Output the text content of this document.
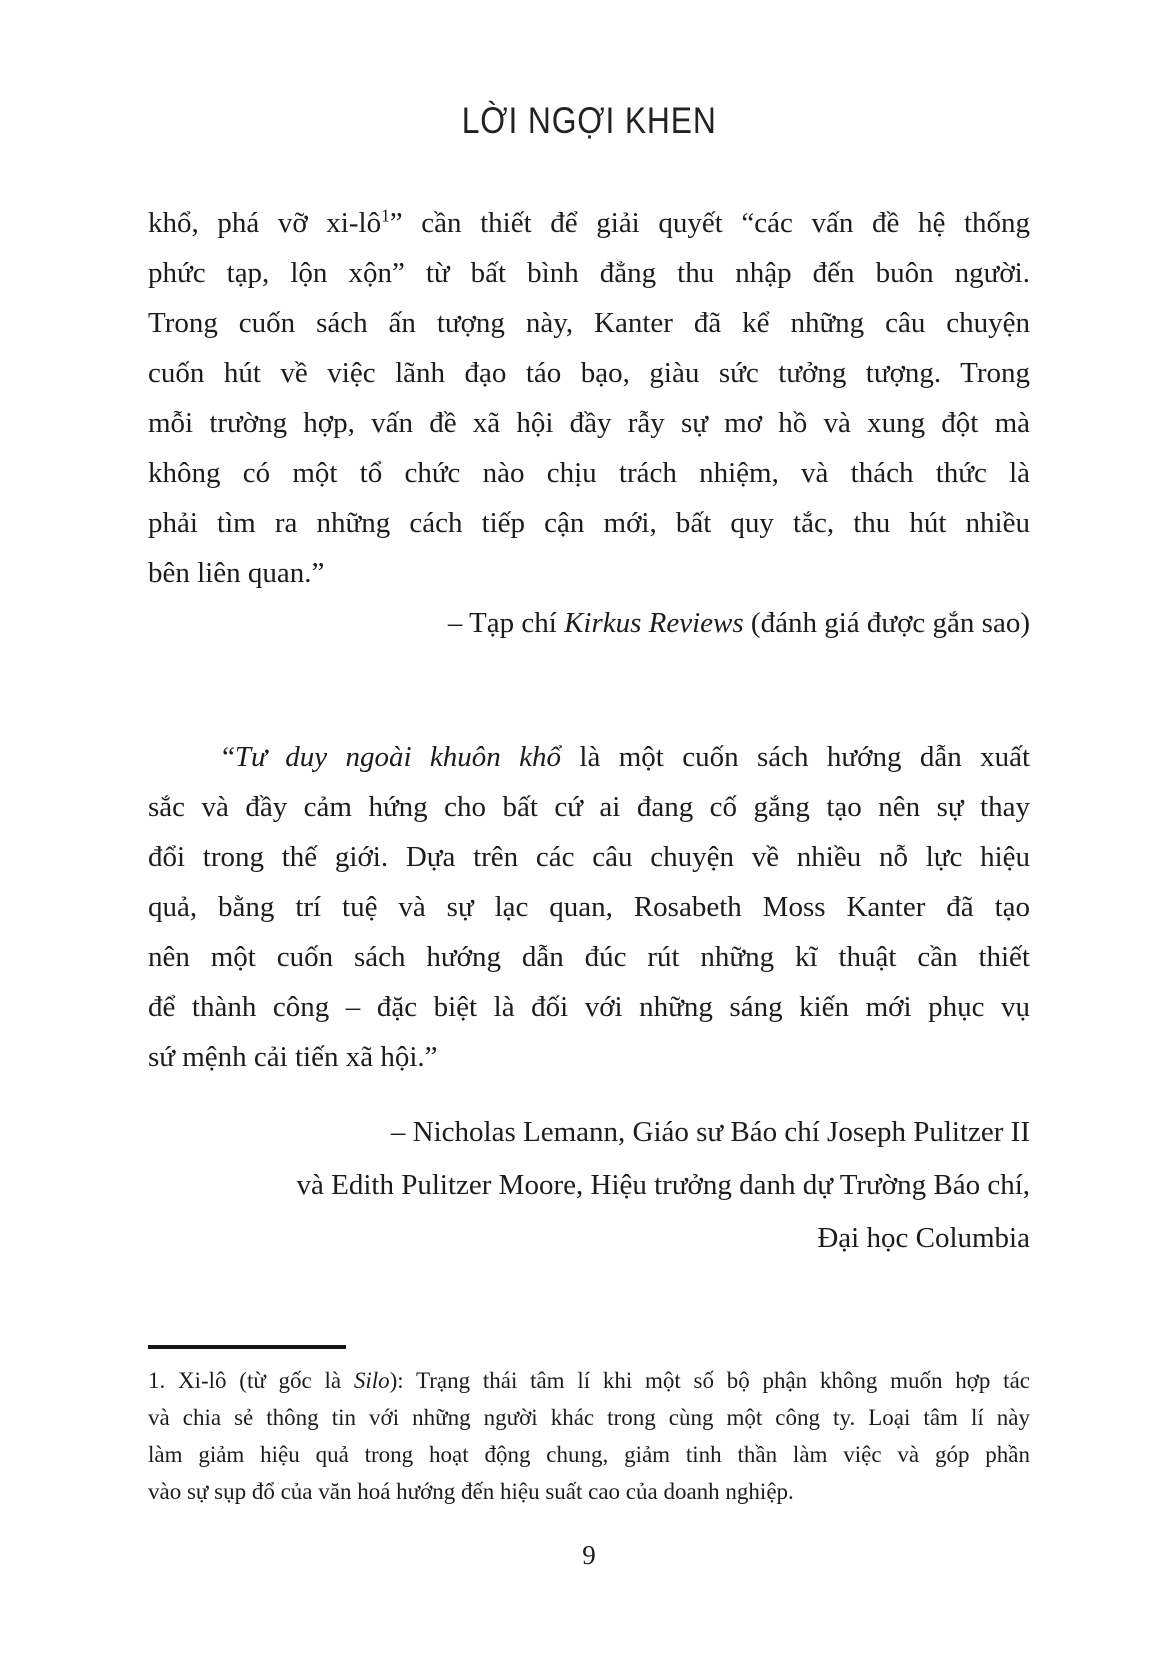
LỜI NGỢI KHEN
khổ, phá vỡ $xi-lô^1$” cần thiết để giải quyết “các vấn đề hệ thống
phức tạp, lộn xộn” từ bất bình đẳng thu nhập đến buôn người.
Trong cuốn sách ấn tượng này, Kanter đã kể những câu chuyện
cuốn hút về việc lãnh đạo táo bạo, giàu sức tưởng tượng. Trong
mỗi trường hợp, vấn đề xã hội đầy rẫy sự mơ hồ và xung đột mà
không có một tổ chức nào chịu trách nhiệm, và thách thức là
phải tìm ra những cách tiếp cận mới, bất quy tắc, thu hút nhiều
bên liên quan.”
– Tạp chí Kirkus Reviews (đánh giá được gắn sao)
“Tư duy ngoài khuôn khổ là một cuốn sách hướng dẫn xuất
sắc và đầy cảm hứng cho bất cứ ai đang cố gắng tạo nên sự thay
đổi trong thế giới. Dựa trên các câu chuyện về nhiều nỗ lực hiệu
quả, bằng trí tuệ và sự lạc quan, Rosabeth Moss Kanter đã tạo
nên một cuốn sách hướng dẫn đúc rút những kĩ thuật cần thiết
để thành công – đặc biệt là đối với những sáng kiến mới phục vụ
sứ mệnh cải tiến xã hội.”
– Nicholas Lemann, Giáo sư Báo chí Joseph Pulitzer II
và Edith Pulitzer Moore, Hiệu trưởng danh dự Trường Báo chí,
Đại học Columbia
1. Xi-lô (từ gốc là Silo): Trạng thái tâm lí khi một số bộ phận không muốn hợp tác
và chia sẻ thông tin với những người khác trong cùng một công ty. Loại tâm lí này
làm giảm hiệu quả trong hoạt động chung, giảm tinh thần làm việc và góp phần
vào sự sụp đổ của văn hoá hướng đến hiệu suất cao của doanh nghiệp.
9
